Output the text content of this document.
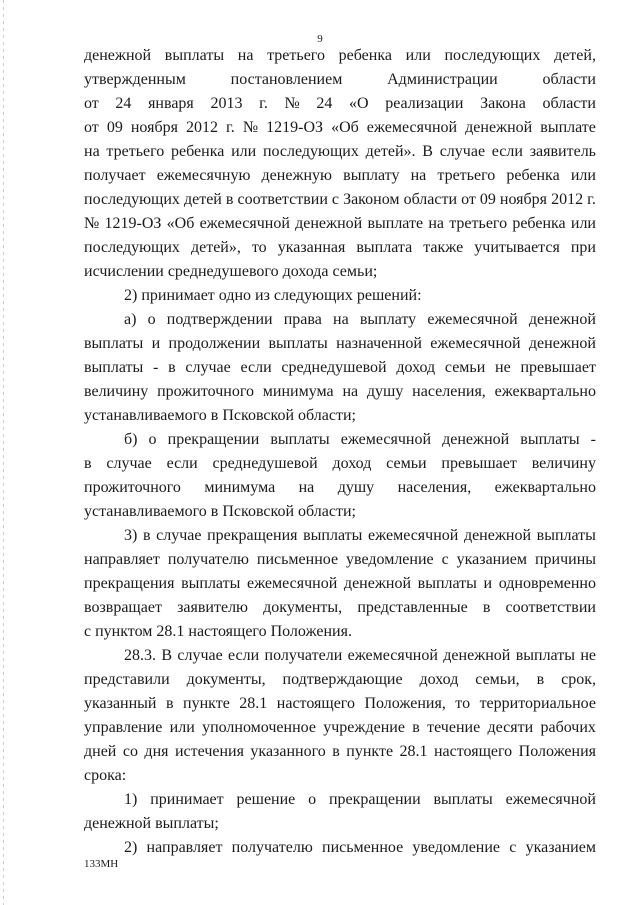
9
денежной выплаты на третьего ребенка или последующих детей,
утвержденным	постановлением	Администрации	области
от 24 января 2013 г. № 24 «О реализации Закона области
от 09 ноября 2012 г. № 1219-ОЗ «Об ежемесячной денежной выплате
на третьего ребенка или последующих детей». В случае если заявитель
получает ежемесячную денежную выплату на третьего ребенка или
последующих детей в соответствии с Законом области от 09 ноября 2012 г.
№ 1219-ОЗ «Об ежемесячной денежной выплате на третьего ребенка или
последующих детей», то указанная выплата также учитывается при
исчислении среднедушевого дохода семьи;
2) принимает одно из следующих решений:
а) о подтверждении права на выплату ежемесячной денежной
выплаты и продолжении выплаты назначенной ежемесячной денежной
выплаты - в случае если среднедушевой доход семьи не превышает
величину прожиточного минимума на душу населения, ежеквартально
устанавливаемого в Псковской области;
б) о прекращении выплаты ежемесячной денежной выплаты -
в случае если среднедушевой доход семьи превышает величину
прожиточного минимума на душу населения, ежеквартально
устанавливаемого в Псковской области;
3) в случае прекращения выплаты ежемесячной денежной выплаты
направляет получателю письменное уведомление с указанием причины
прекращения выплаты ежемесячной денежной выплаты и одновременно
возвращает заявителю документы, представленные в соответствии
с пунктом 28.1 настоящего Положения.
28.3. В случае если получатели ежемесячной денежной выплаты не
представили документы, подтверждающие доход семьи, в срок,
указанный в пункте 28.1 настоящего Положения, то территориальное
управление или уполномоченное учреждение в течение десяти рабочих
дней со дня истечения указанного в пункте 28.1 настоящего Положения
срока:
1) принимает решение о прекращении выплаты ежемесячной
денежной выплаты;
2) направляет получателю письменное уведомление с указанием
133МН
